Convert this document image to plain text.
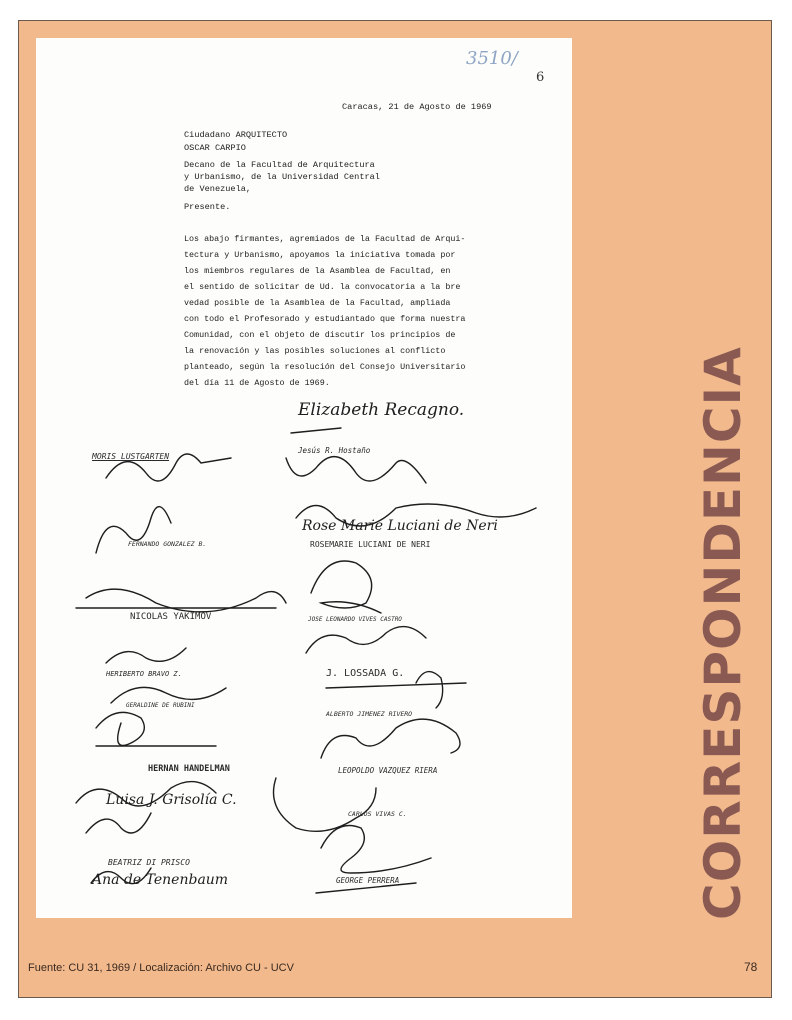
3510/
6
Caracas, 21 de Agosto de 1969
Ciudadano ARQUITECTO
OSCAR CARPIO
Decano de la Facultad de Arquitectura
y Urbanismo, de la Universidad Central
de Venezuela,
Presente.
Los abajo firmantes, agremiados de la Facultad de Arqui-
tectura y Urbanismo, apoyamos la iniciativa tomada por
los miembros regulares de la Asamblea de Facultad, en
el sentido de solicitar de Ud. la convocatoria a la bre
vedad posible de la Asamblea de la Facultad, ampliada
con todo el Profesorado y estudiantado que forma nuestra
Comunidad, con el objeto de discutir los principios de
la renovación y las posibles soluciones al conflicto
planteado, según la resolución del Consejo Universitario
del día 11 de Agosto de 1969.
Elizabeth Recagno.
MORIS LUSTGARTEN
Jesús R. Hostaño
FERNANDO GONZALEZ B.
Rose Marie Luciani de Neri
ROSEMARIE LUCIANI DE NERI
NICOLAS YAKIMOV	JOSE LEONARDO VIVES CASTRO
HERIBERTO BRAVO Z.	J. LOSSADA G.
GERALDINE DE RUBINI
ALBERTO JIMENEZ RIVERO
HERNAN HANDELMAN	LEOPOLDO VAZQUEZ RIERA
Luisa J. Grisolía C.
CARLOS VIVAS C.
BEATRIZ DI PRISCO
Ana de Tenenbaum	GEORGE PERRERA	CORRESPONDENCIA
Fuente: CU 31, 1969 / Localización: Archivo CU - UCV	78
